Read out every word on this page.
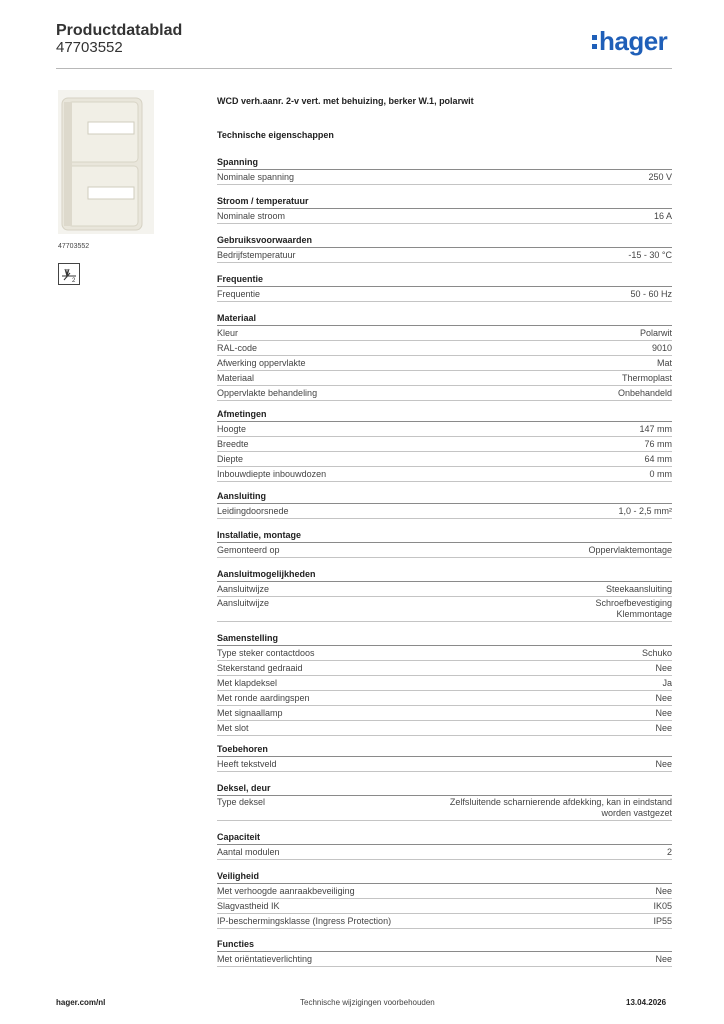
Productdatablad
47703552	hager
47703552
2
WCD verh.aanr. 2-v vert. met behuizing, berker W.1, polarwit
Technische eigenschappen
Spanning
Nominale spanning	250 V
Stroom / temperatuur
Nominale stroom	16 A
Gebruiksvoorwaarden
Bedrijfstemperatuur	-15 - 30 °C
Frequentie
Frequentie	50 - 60 Hz
Materiaal
Kleur	Polarwit
RAL-code	9010
Afwerking oppervlakte	Mat
Materiaal	Thermoplast
Oppervlakte behandeling	Onbehandeld
Afmetingen
Hoogte	147 mm
Breedte	76 mm
Diepte	64 mm
Inbouwdiepte inbouwdozen	0 mm
Aansluiting
Leidingdoorsnede	1,0 - 2,5 mm²
Installatie, montage
Gemonteerd op	Oppervlaktemontage
Aansluitmogelijkheden
Aansluitwijze	Steekaansluiting
Aansluitwijze	Schroefbevestiging
Klemmontage
Samenstelling
Type steker contactdoos	Schuko
Stekerstand gedraaid	Nee
Met klapdeksel	Ja
Met ronde aardingspen	Nee
Met signaallamp	Nee
Met slot	Nee
Toebehoren
Heeft tekstveld	Nee
Deksel, deur
Type deksel	Zelfsluitende scharnierende afdekking, kan in eindstand
worden vastgezet
Capaciteit
Aantal modulen	2
Veiligheid
Met verhoogde aanraakbeveiliging	Nee
Slagvastheid IK	IK05
IP-beschermingsklasse (Ingress Protection)	IP55
Functies
Met oriëntatieverlichting	Nee
hager.com/nl	Technische wijzigingen voorbehouden	13.04.2026
